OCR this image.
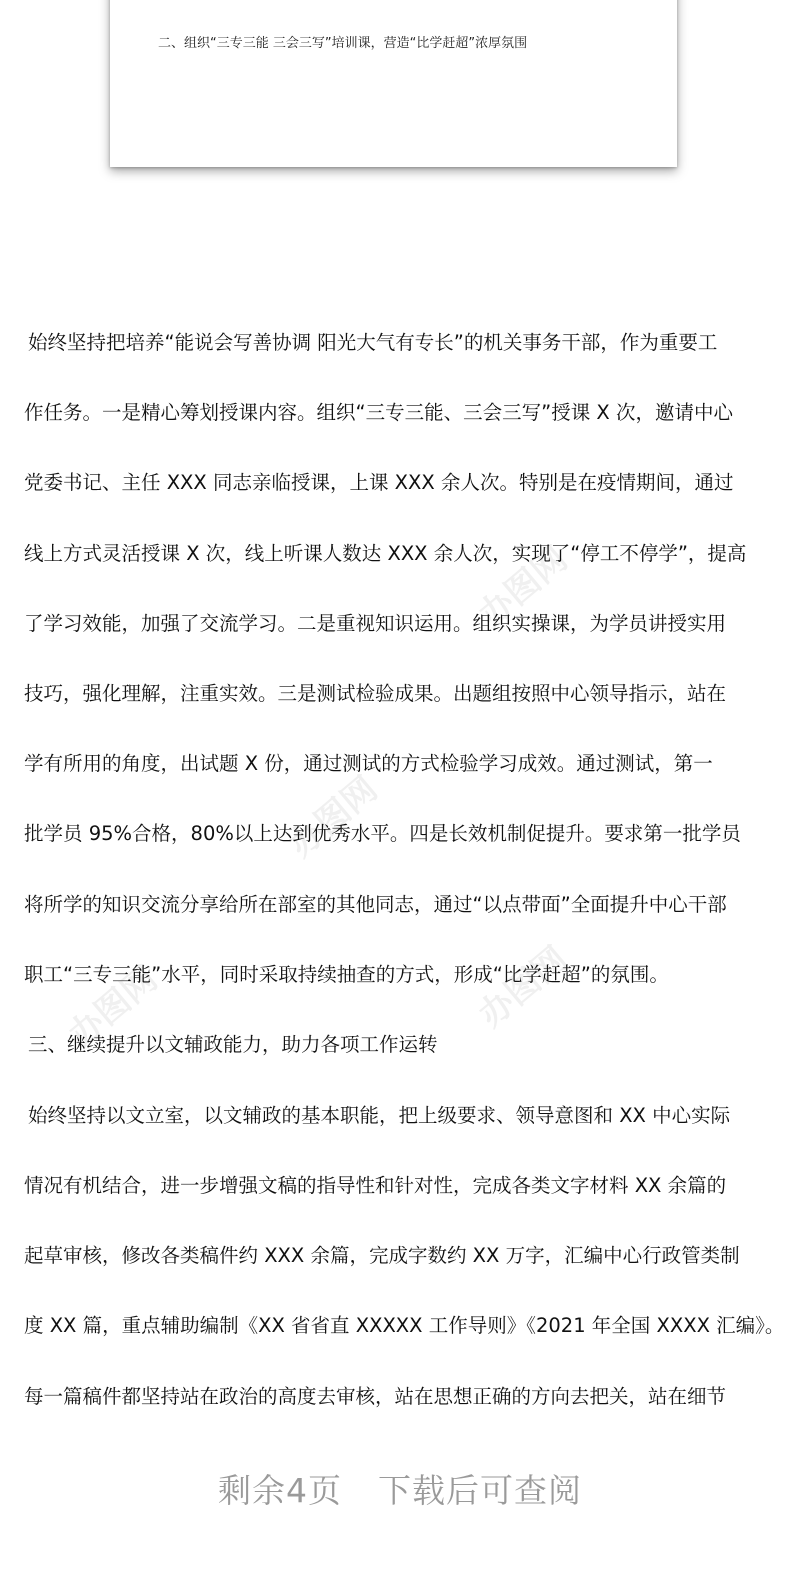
二、组织“三专三能 三会三写”培训课，营造“比学赶超”浓厚氛围
办图网
办图网
办图网
办图网
始终坚持把培养“能说会写善协调 阳光大气有专长”的机关事务干部，作为重要工
作任务。一是精心筹划授课内容。组织“三专三能、三会三写”授课 X 次，邀请中心
党委书记、主任 XXX 同志亲临授课，上课 XXX 余人次。特别是在疫情期间，通过
线上方式灵活授课 X 次，线上听课人数达 XXX 余人次，实现了“停工不停学”，提高
了学习效能，加强了交流学习。二是重视知识运用。组织实操课，为学员讲授实用
技巧，强化理解，注重实效。三是测试检验成果。出题组按照中心领导指示，站在
学有所用的角度，出试题 X 份，通过测试的方式检验学习成效。通过测试，第一
批学员 95%合格，80%以上达到优秀水平。四是长效机制促提升。要求第一批学员
将所学的知识交流分享给所在部室的其他同志，通过“以点带面”全面提升中心干部
职工“三专三能”水平，同时采取持续抽查的方式，形成“比学赶超”的氛围。
三、继续提升以文辅政能力，助力各项工作运转
始终坚持以文立室，以文辅政的基本职能，把上级要求、领导意图和 XX 中心实际
情况有机结合，进一步增强文稿的指导性和针对性，完成各类文字材料 XX 余篇的
起草审核，修改各类稿件约 XXX 余篇，完成字数约 XX 万字，汇编中心行政管类制
度 XX 篇，重点辅助编制《XX 省省直 XXXXX 工作导则》《2021 年全国 XXXX 汇编》。
每一篇稿件都坚持站在政治的高度去审核，站在思想正确的方向去把关，站在细节
剩余4页 下载后可查阅
